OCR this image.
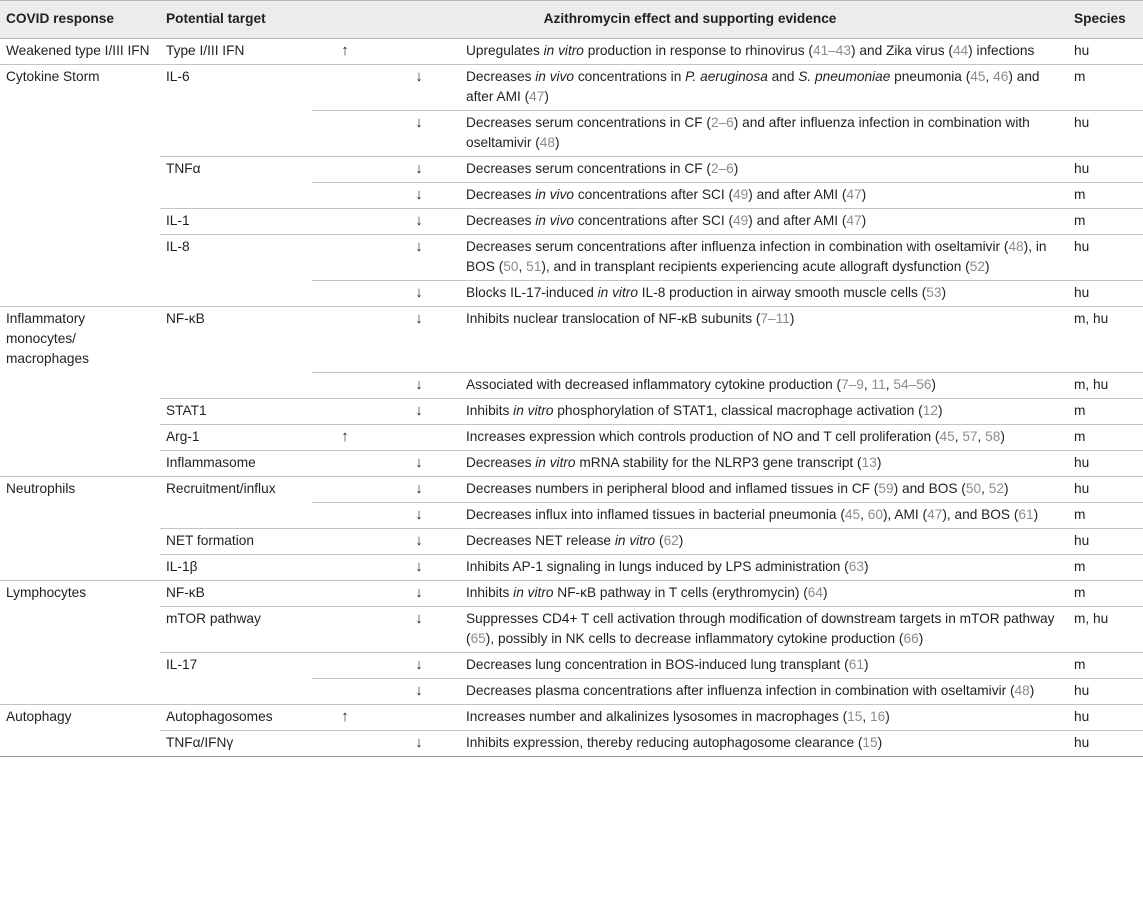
COVID response	Potential target	Azithromycin effect and supporting evidence			Species
Weakened type I/III IFN	Type I/III IFN	↑		Upregulates in vitro production in response to rhinovirus (41–43) and Zika virus (44) infections	hu
Cytokine Storm	IL-6		↓	Decreases in vivo concentrations in P. aeruginosa and S. pneumoniae pneumonia (45, 46) and after AMI (47)	m
			↓	Decreases serum concentrations in CF (2–6) and after influenza infection in combination with oseltamivir (48)	hu
	TNFα		↓	Decreases serum concentrations in CF (2–6)	hu
			↓	Decreases in vivo concentrations after SCI (49) and after AMI (47)	m
	IL-1		↓	Decreases in vivo concentrations after SCI (49) and after AMI (47)	m
	IL-8		↓	Decreases serum concentrations after influenza infection in combination with oseltamivir (48), in BOS (50, 51), and in transplant recipients experiencing acute allograft dysfunction (52)	hu
			↓	Blocks IL-17-induced in vitro IL-8 production in airway smooth muscle cells (53)	hu
Inflammatory monocytes/ macrophages	NF-κB		↓	Inhibits nuclear translocation of NF-κB subunits (7–11)	m, hu
			↓	Associated with decreased inflammatory cytokine production (7–9, 11, 54–56)	m, hu
	STAT1		↓	Inhibits in vitro phosphorylation of STAT1, classical macrophage activation (12)	m
	Arg-1	↑		Increases expression which controls production of NO and T cell proliferation (45, 57, 58)	m
	Inflammasome		↓	Decreases in vitro mRNA stability for the NLRP3 gene transcript (13)	hu
Neutrophils	Recruitment/influx		↓	Decreases numbers in peripheral blood and inflamed tissues in CF (59) and BOS (50, 52)	hu
			↓	Decreases influx into inflamed tissues in bacterial pneumonia (45, 60), AMI (47), and BOS (61)	m
	NET formation		↓	Decreases NET release in vitro (62)	hu
	IL-1β		↓	Inhibits AP-1 signaling in lungs induced by LPS administration (63)	m
Lymphocytes	NF-κB		↓	Inhibits in vitro NF-κB pathway in T cells (erythromycin) (64)	m
	mTOR pathway		↓	Suppresses CD4+ T cell activation through modification of downstream targets in mTOR pathway (65), possibly in NK cells to decrease inflammatory cytokine production (66)	m, hu
	IL-17		↓	Decreases lung concentration in BOS-induced lung transplant (61)	m
			↓	Decreases plasma concentrations after influenza infection in combination with oseltamivir (48)	hu
Autophagy	Autophagosomes	↑		Increases number and alkalinizes lysosomes in macrophages (15, 16)	hu
	TNFα/IFNγ		↓	Inhibits expression, thereby reducing autophagosome clearance (15)	hu
